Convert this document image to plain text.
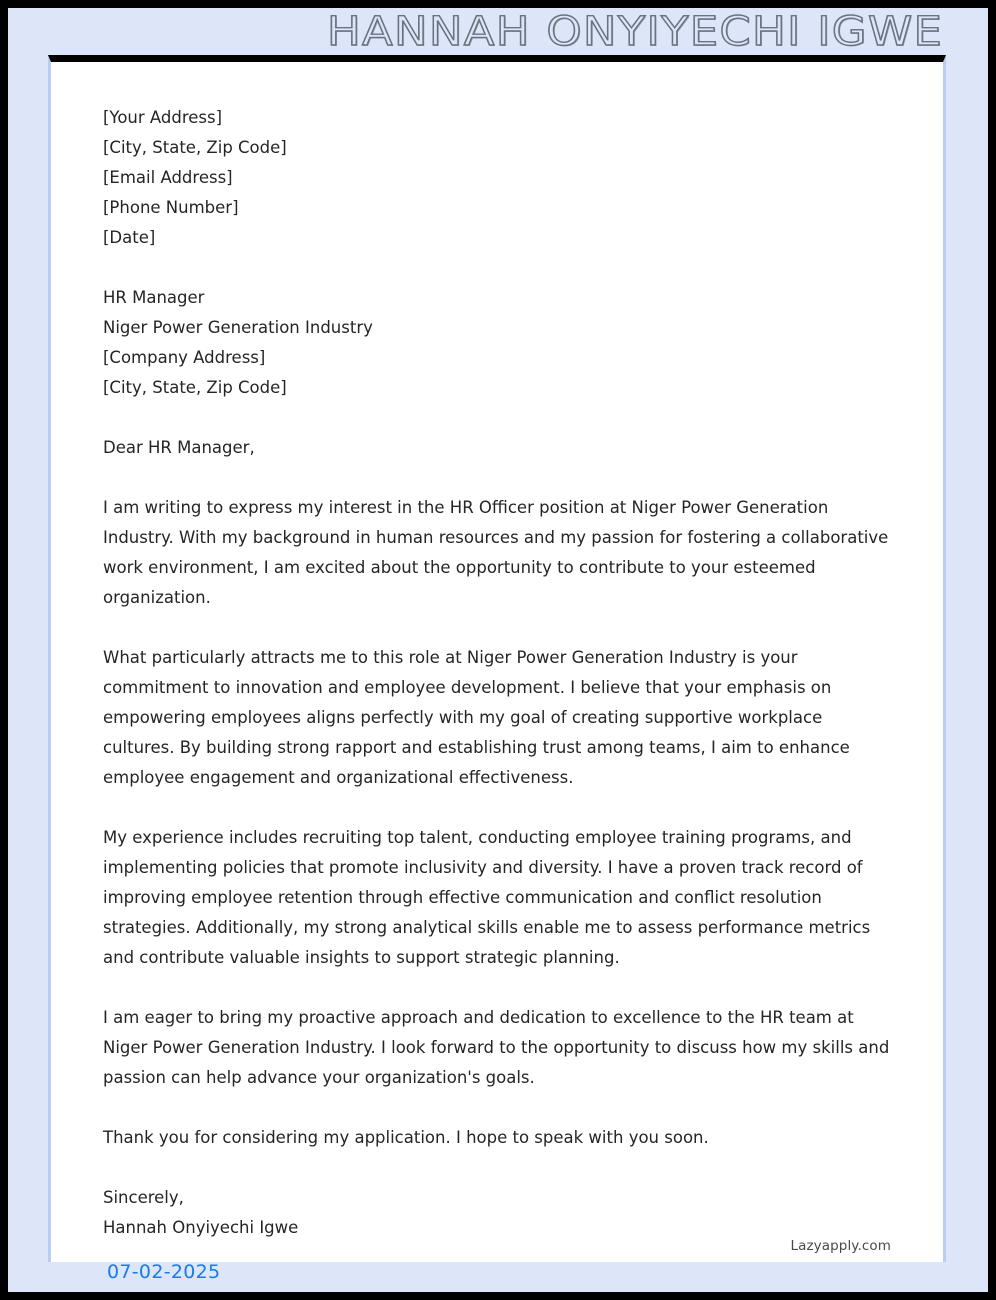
HANNAH ONYIYECHI IGWE
[Your Address]
[City, State, Zip Code]
[Email Address]
[Phone Number]
[Date]
HR Manager
Niger Power Generation Industry
[Company Address]
[City, State, Zip Code]

Dear HR Manager,

I am writing to express my interest in the HR Officer position at Niger Power Generation Industry. With my background in human resources and my passion for fostering a collaborative work environment, I am excited about the opportunity to contribute to your esteemed organization.

What particularly attracts me to this role at Niger Power Generation Industry is your commitment to innovation and employee development. I believe that your emphasis on empowering employees aligns perfectly with my goal of creating supportive workplace cultures. By building strong rapport and establishing trust among teams, I aim to enhance employee engagement and organizational effectiveness.

My experience includes recruiting top talent, conducting employee training programs, and implementing policies that promote inclusivity and diversity. I have a proven track record of improving employee retention through effective communication and conflict resolution strategies. Additionally, my strong analytical skills enable me to assess performance metrics and contribute valuable insights to support strategic planning.

I am eager to bring my proactive approach and dedication to excellence to the HR team at Niger Power Generation Industry. I look forward to the opportunity to discuss how my skills and passion can help advance your organization's goals.

Thank you for considering my application. I hope to speak with you soon.

Sincerely,
Hannah Onyiyechi Igwe
Lazyapply.com
07-02-2025
